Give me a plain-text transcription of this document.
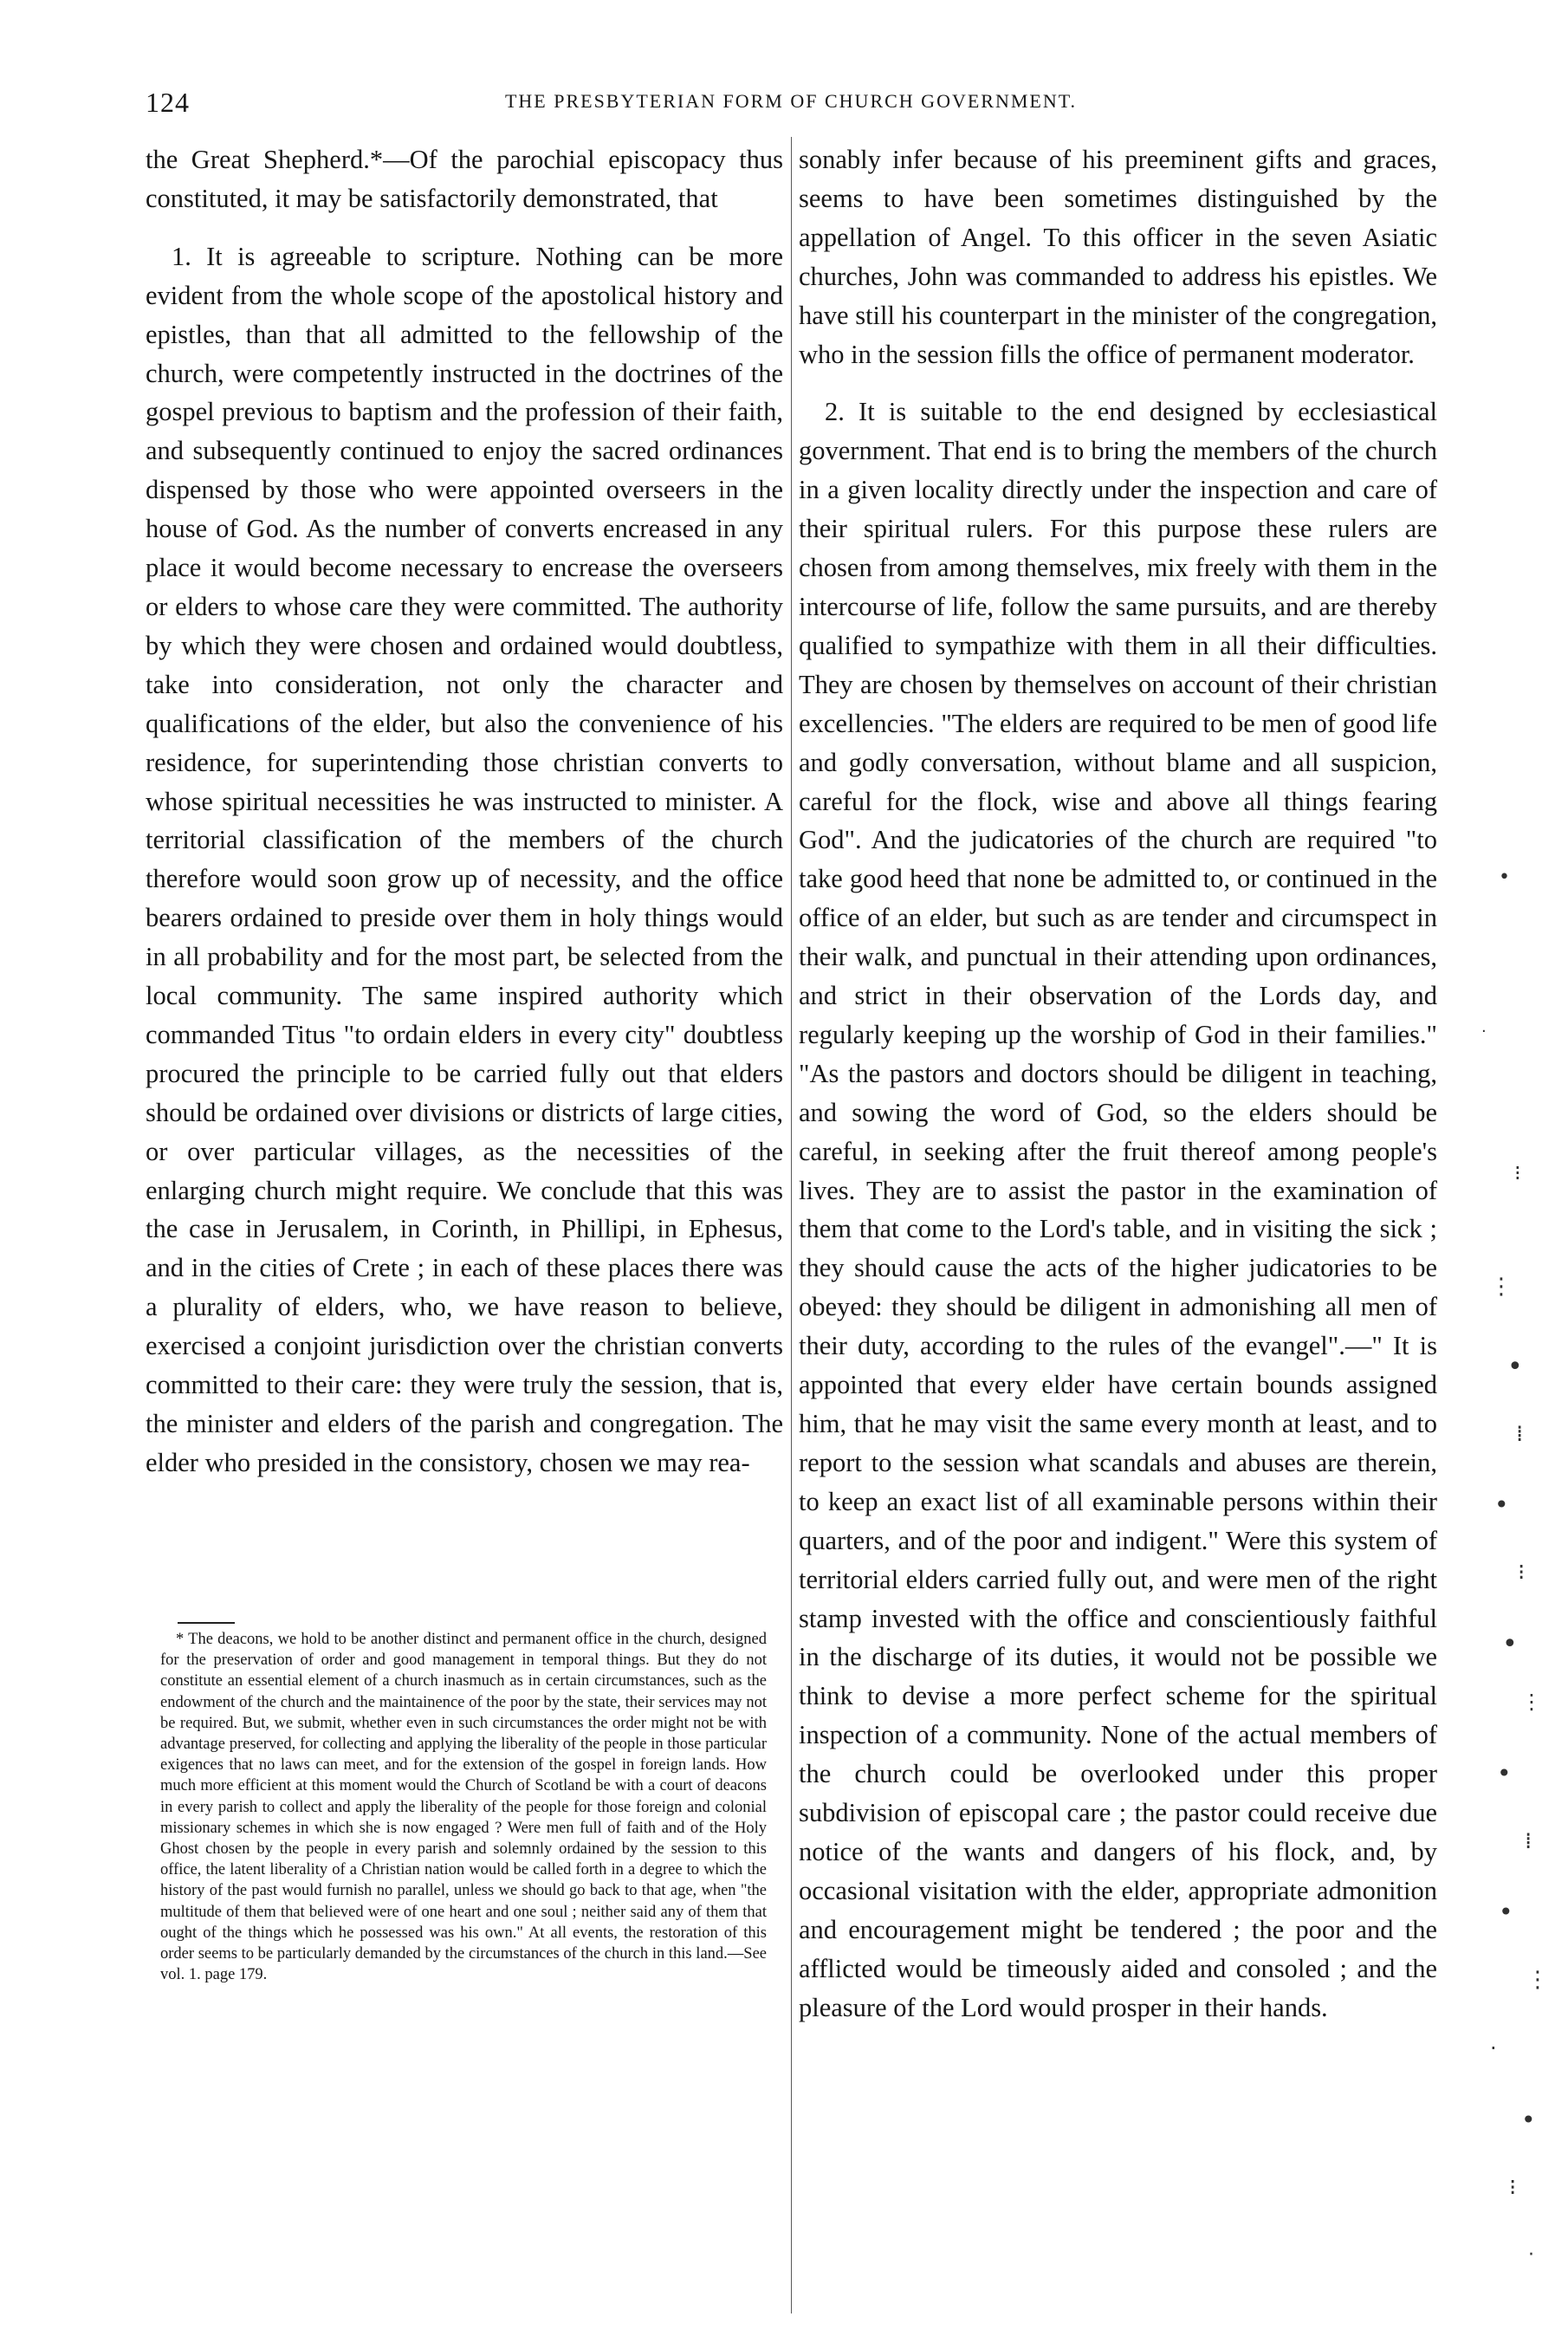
124	THE PRESBYTERIAN FORM OF CHURCH GOVERNMENT.

the Great Shepherd.*—Of the parochial episcopacy thus constituted, it may be satisfactorily demonstrated, that

1. It is agreeable to scripture. Nothing can be more evident from the whole scope of the apostolical history and epistles, than that all admitted to the fellowship of the church, were competently instructed in the doctrines of the gospel previous to baptism and the profession of their faith, and subsequently continued to enjoy the sacred ordinances dispensed by those who were appointed overseers in the house of God. As the number of converts encreased in any place it would become necessary to encrease the overseers or elders to whose care they were committed. The authority by which they were chosen and ordained would doubtless, take into consideration, not only the character and qualifications of the elder, but also the convenience of his residence, for superintending those christian converts to whose spiritual necessities he was instructed to minister. A territorial classification of the members of the church therefore would soon grow up of necessity, and the office bearers ordained to preside over them in holy things would in all probability and for the most part, be selected from the local community. The same inspired authority which commanded Titus "to ordain elders in every city" doubtless procured the principle to be carried fully out that elders should be ordained over divisions or districts of large cities, or over particular villages, as the necessities of the enlarging church might require. We conclude that this was the case in Jerusalem, in Corinth, in Phillipi, in Ephesus, and in the cities of Crete ; in each of these places there was a plurality of elders, who, we have reason to believe, exercised a conjoint jurisdiction over the christian converts committed to their care: they were truly the session, that is, the minister and elders of the parish and congregation. The elder who presided in the consistory, chosen we may rea-

* The deacons, we hold to be another distinct and permanent office in the church, designed for the preservation of order and good management in temporal things. But they do not constitute an essential element of a church inasmuch as in certain circumstances, such as the endowment of the church and the maintainence of the poor by the state, their services may not be required. But, we submit, whether even in such circumstances the order might not be with advantage preserved, for collecting and applying the liberality of the people in those particular exigences that no laws can meet, and for the extension of the gospel in foreign lands. How much more efficient at this moment would the Church of Scotland be with a court of deacons in every parish to collect and apply the liberality of the people for those foreign and colonial missionary schemes in which she is now engaged ? Were men full of faith and of the Holy Ghost chosen by the people in every parish and solemnly ordained by the session to this office, the latent liberality of a Christian nation would be called forth in a degree to which the history of the past would furnish no parallel, unless we should go back to that age, when "the multitude of them that believed were of one heart and one soul ; neither said any of them that ought of the things which he possessed was his own." At all events, the restoration of this order seems to be particularly demanded by the circumstances of the church in this land.—See vol. 1. page 179.

sonably infer because of his preeminent gifts and graces, seems to have been sometimes distinguished by the appellation of Angel. To this officer in the seven Asiatic churches, John was commanded to address his epistles. We have still his counterpart in the minister of the congregation, who in the session fills the office of permanent moderator.

2. It is suitable to the end designed by ecclesiastical government. That end is to bring the members of the church in a given locality directly under the inspection and care of their spiritual rulers. For this purpose these rulers are chosen from among themselves, mix freely with them in the intercourse of life, follow the same pursuits, and are thereby qualified to sympathize with them in all their difficulties. They are chosen by themselves on account of their christian excellencies. "The elders are required to be men of good life and godly conversation, without blame and all suspicion, careful for the flock, wise and above all things fearing God". And the judicatories of the church are required "to take good heed that none be admitted to, or continued in the office of an elder, but such as are tender and circumspect in their walk, and punctual in their attending upon ordinances, and strict in their observation of the Lords day, and regularly keeping up the worship of God in their families." "As the pastors and doctors should be diligent in teaching, and sowing the word of God, so the elders should be careful, in seeking after the fruit thereof among people's lives. They are to assist the pastor in the examination of them that come to the Lord's table, and in visiting the sick ; they should cause the acts of the higher judicatories to be obeyed: they should be diligent in admonishing all men of their duty, according to the rules of the evangel".—" It is appointed that every elder have certain bounds assigned him, that he may visit the same every month at least, and to report to the session what scandals and abuses are therein, to keep an exact list of all examinable persons within their quarters, and of the poor and indigent." Were this system of territorial elders carried fully out, and were men of the right stamp invested with the office and conscientiously faithful in the discharge of its duties, it would not be possible we think to devise a more perfect scheme for the spiritual inspection of a community. None of the actual members of the church could be overlooked under this proper subdivision of episcopal care ; the pastor could receive due notice of the wants and dangers of his flock, and, by occasional visitation with the elder, appropriate admonition and encouragement might be tendered ; the poor and the afflicted would be timeously aided and consoled ; and the pleasure of the Lord would prosper in their hands.

•
·
⁝
⋮
•
⁞
•
⁝
•
⋮
•
⁞
•
⋮
·
•
⁝
·
